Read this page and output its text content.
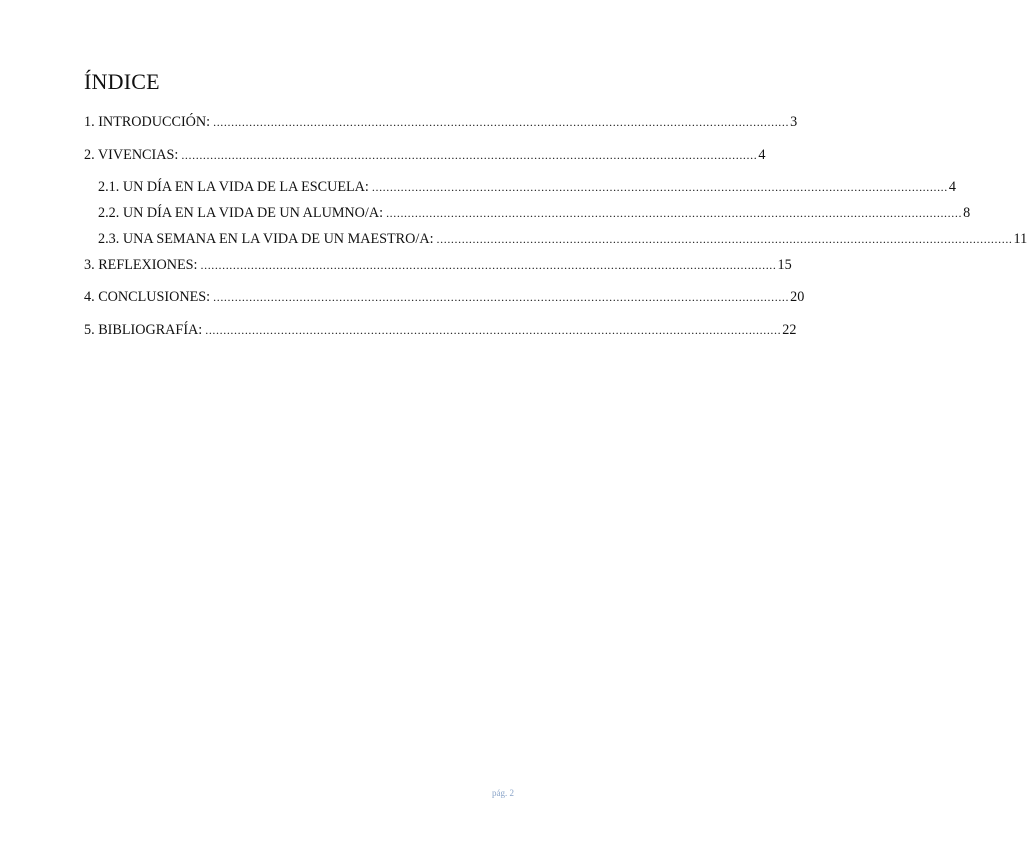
ÍNDICE
1. INTRODUCCIÓN: ................................................................................................................................................................ 3
2. VIVENCIAS: ................................................................................................................................................................ 4
2.1. UN DÍA EN LA VIDA DE LA ESCUELA: ................................................................................................................................................................ 4
2.2. UN DÍA EN LA VIDA DE UN ALUMNO/A: ................................................................................................................................................................ 8
2.3. UNA SEMANA EN LA VIDA DE UN MAESTRO/A: ................................................................................................................................................................ 11
3. REFLEXIONES: ................................................................................................................................................................ 15
4. CONCLUSIONES: ................................................................................................................................................................ 20
5. BIBLIOGRAFÍA: ................................................................................................................................................................ 22
pág. 2
